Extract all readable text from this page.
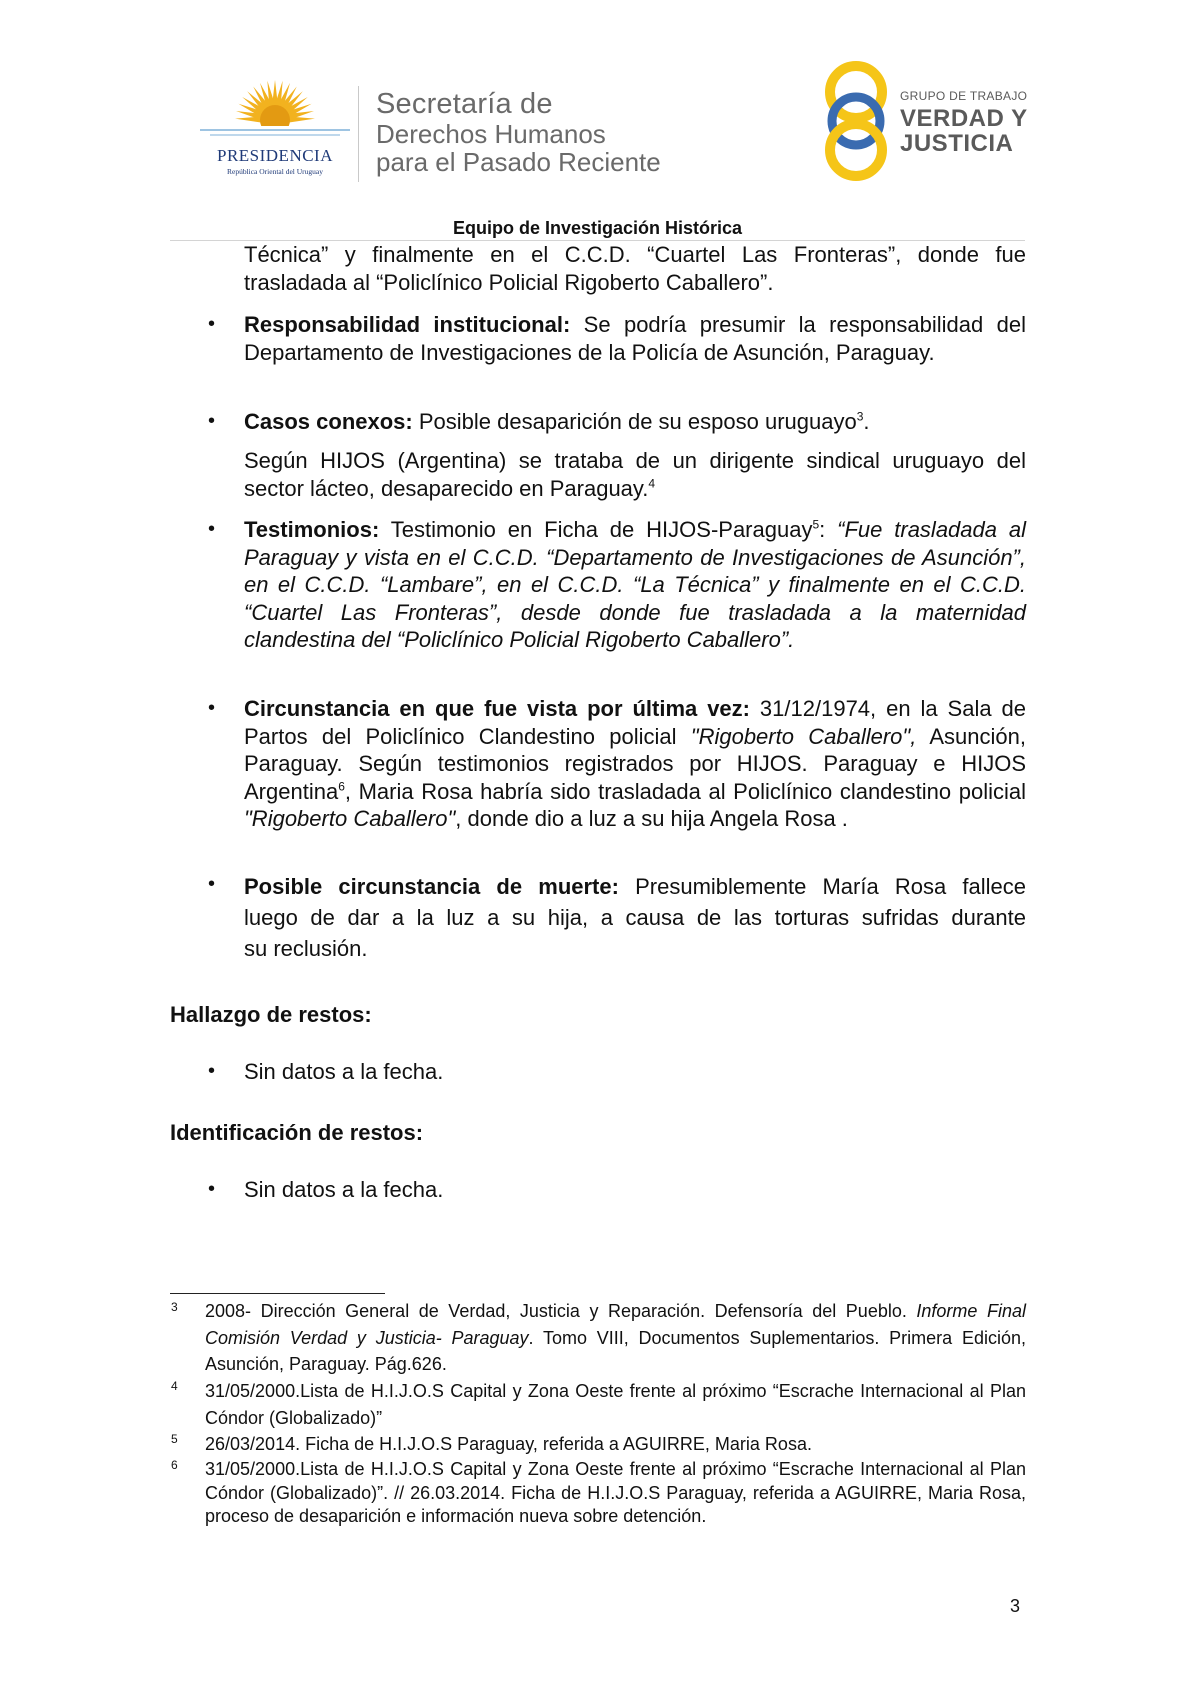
PRESIDENCIA
República Oriental del Uruguay
Secretaría de
Derechos Humanos
para el Pasado Reciente
GRUPO DE TRABAJO
VERDAD Y
JUSTICIA
Equipo de Investigación Histórica
Técnica” y finalmente en el C.C.D. “Cuartel Las Fronteras”, donde fue
trasladada al “Policlínico Policial Rigoberto Caballero”.
• Responsabilidad institucional: Se podría presumir la responsabilidad del Departamento de Investigaciones de la Policía de Asunción, Paraguay.
• Casos conexos: Posible desaparición de su esposo uruguayo$^3$.
Según HIJOS (Argentina) se trataba de un dirigente sindical uruguayo del sector lácteo, desaparecido en Paraguay.$^4$
• Testimonios: Testimonio en Ficha de HIJOS-Paraguay$^5$: “Fue trasladada al Paraguay y vista en el C.C.D. “Departamento de Investigaciones de Asunción”, en el C.C.D. “Lambare”, en el C.C.D. “La Técnica” y finalmente en el C.C.D. “Cuartel Las Fronteras”, desde donde fue trasladada a la maternidad clandestina del “Policlínico Policial Rigoberto Caballero”.
• Circunstancia en que fue vista por última vez: 31/12/1974, en la Sala de Partos del Policlínico Clandestino policial "Rigoberto Caballero", Asunción, Paraguay. Según testimonios registrados por HIJOS. Paraguay e HIJOS Argentina$^6$, Maria Rosa habría sido trasladada al Policlínico clandestino policial "Rigoberto Caballero", donde dio a luz a su hija Angela Rosa .
• Posible circunstancia de muerte: Presumiblemente María Rosa fallece
luego de dar a la luz a su hija, a causa de las torturas sufridas durante
su reclusión.
Hallazgo de restos:
• Sin datos a la fecha.
Identificación de restos:
• Sin datos a la fecha.
3 2008- Dirección General de Verdad, Justicia y Reparación. Defensoría del Pueblo. Informe Final Comisión Verdad y Justicia- Paraguay. Tomo VIII, Documentos Suplementarios. Primera Edición, Asunción, Paraguay. Pág.626.
4 31/05/2000.Lista de H.I.J.O.S Capital y Zona Oeste frente al próximo “Escrache Internacional al Plan Cóndor (Globalizado)”
5 26/03/2014. Ficha de H.I.J.O.S Paraguay, referida a AGUIRRE, Maria Rosa.
6 31/05/2000.Lista de H.I.J.O.S Capital y Zona Oeste frente al próximo “Escrache Internacional al Plan Cóndor (Globalizado)”. // 26.03.2014. Ficha de H.I.J.O.S Paraguay, referida a AGUIRRE, Maria Rosa, proceso de desaparición e información nueva sobre detención.
3
